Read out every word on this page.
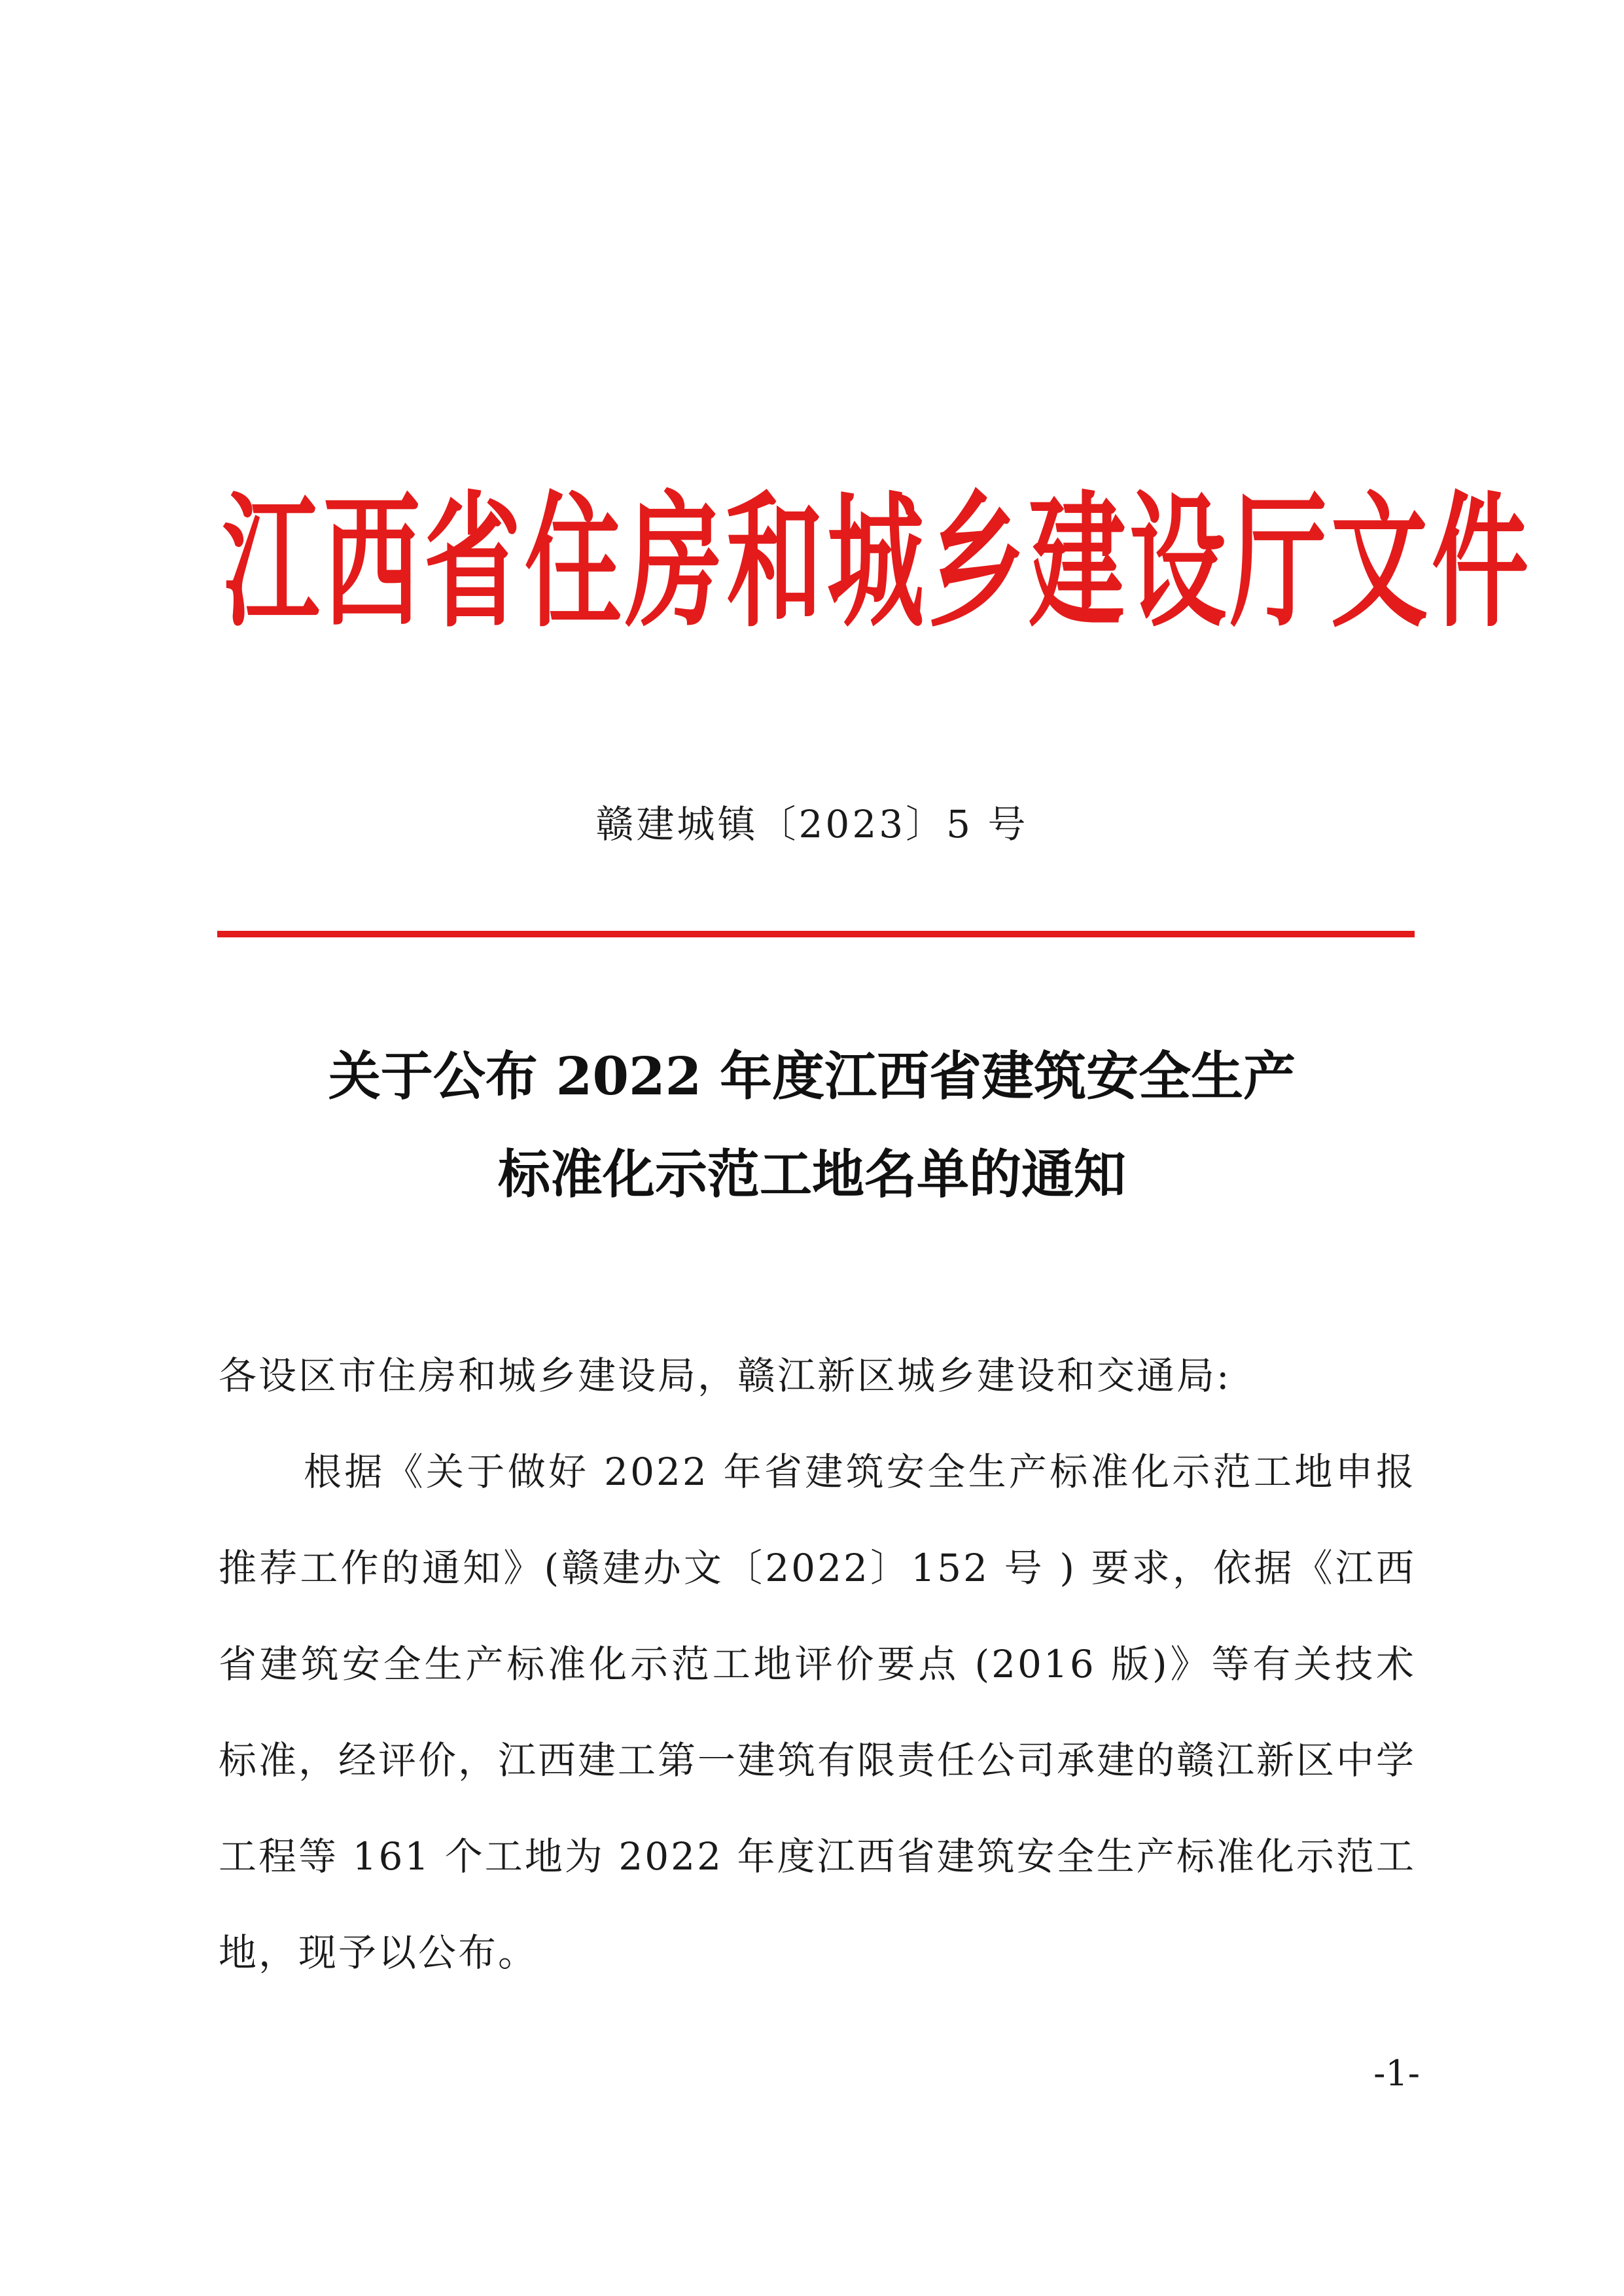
江西省住房和城乡建设厅文件
赣建城镇〔2023〕5 号
关于公布 2022 年度江西省建筑安全生产
标准化示范工地名单的通知

各设区市住房和城乡建设局，赣江新区城乡建设和交通局:

根据《关于做好 2022 年省建筑安全生产标准化示范工地申报推荐工作的通知》(赣建办文〔2022〕152 号 ) 要求，依据《江西省建筑安全生产标准化示范工地评价要点 (2016 版)》等有关技术标准，经评价，江西建工第一建筑有限责任公司承建的赣江新区中学工程等 161 个工地为 2022 年度江西省建筑安全生产标准化示范工地，现予以公布。

-1-
